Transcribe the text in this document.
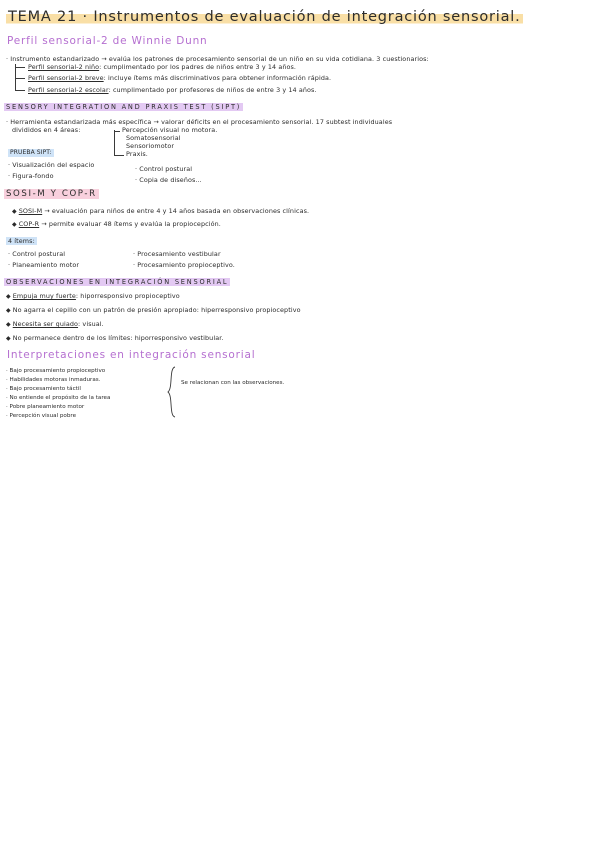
TEMA 21 · Instrumentos de evaluación de integración sensorial.
Perfil sensorial-2 de Winnie Dunn
· Instrumento estandarizado → evalúa los patrones de procesamiento sensorial de un niño en su vida cotidiana. 3 cuestionarios:
Perfil sensorial-2 niño: cumplimentado por los padres de niños entre 3 y 14 años.
Perfil sensorial-2 breve: incluye ítems más discriminativos para obtener información rápida.
Perfil sensorial-2 escolar: cumplimentado por profesores de niños de entre 3 y 14 años.
SENSORY INTEGRATION AND PRAXIS TEST (SIPT)
· Herramienta estandarizada más específica → valorar déficits en el procesamiento sensorial. 17 subtest individuales
divididos en 4 áreas:	Percepción visual no motora.
Somatosensorial
Sensoriomotor
Praxis.
PRUEBA SIPT:
· Visualización del espacio
· Figura-fondo
· Control postural
· Copia de diseños...
SOSI-M Y COP-R
◆ SOSI-M → evaluación para niños de entre 4 y 14 años basada en observaciones clínicas.
◆ COP-R → permite evaluar 48 ítems y evalúa la propiocepción.
4 ítems:
· Control postural
· Planeamiento motor
· Procesamiento vestibular
· Procesamiento propioceptivo.
OBSERVACIONES EN INTEGRACIÓN SENSORIAL
◆ Empuja muy fuerte: hiporresponsivo propioceptivo
◆ No agarra el cepillo con un patrón de presión apropiado: hiperresponsivo propioceptivo
◆ Necesita ser guiado: visual.
◆ No permanece dentro de los límites: hiporresponsivo vestibular.
Interpretaciones en integración sensorial
· Bajo procesamiento propioceptivo
· Habilidades motoras inmaduras.
· Bajo procesamiento táctil
· No entiende el propósito de la tarea
· Pobre planeamiento motor
· Percepción visual pobre
Se relacionan con las observaciones.
